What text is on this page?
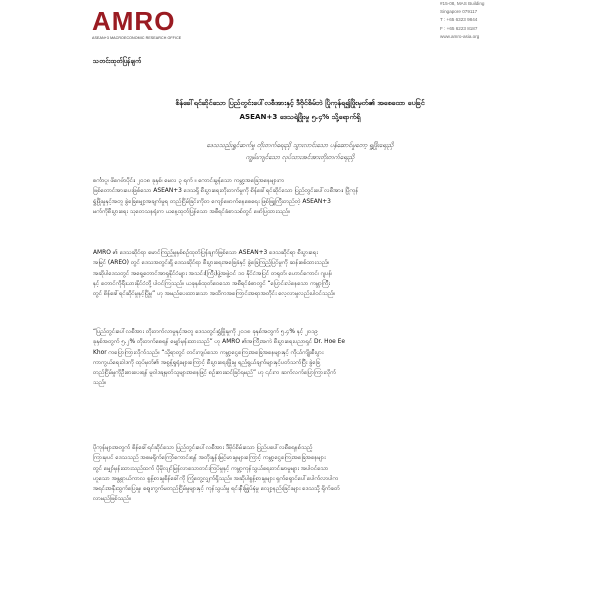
AMRO
ASEAN+3 MACROECONOMIC RESEARCH OFFICE
#15-08, MAS Building
Singapore 079117
T : +65 6323 9844
F : +65 6223 8187
www.amro-asia.org
သတင်းထုတ်ပြန်ချက်
စိန်ခေါ်ရင်ဆိုင်သော ပြည်တွင်းပေါ်လစီအားနှင့် ဒီဗိုင်စိမ်ဘဲ ပြိုကုန်ရ၍ဖြိုးမှတ်၏ အစေထော ပေခြင်
ASEAN+3 ဒေသရဲ့ဖြိုးမှု ၅.၄% သို့ရောက်ရှိ
ဒေသသည်းရွှင်ဆက်မှု တိုးတက်ရေးညှိ သွားလာင်းသော ပန်ဆောင်မှုတော့ ရှု့ဖြိုးရေးညှိ
ကျွမ်းကျင်သော လုပ်သားအင်အားတိုးတက်ရေးညှိ
စင်္ကာပူ၊ ဖိဂေဗ်ာပိုင်း၊ ၂၀၁၈ ခုနှစ်၊ မေလ ၃ ရက် ။ ကောင်းမွန်သော ကမ္ဘာ့အခြေအနေများက
ဖြစ်တောင်အားပေးဖြစ်သော ASEAN+3 ဒေသရှိ စီးပွားရေးတိုးတက်မှုကို စိန်ခေါ်ရင်ဆိုင်သော ပြည်တွင်းပေါ်လစီအား၊ ပြိုကုန်
ရွှံဖြိုးမှုနှင့်အတူ ခွဲခြေမျှော့အချက်မှုရ တည်ငြိမ်ခြင်းကိုတ ကျော်ဖောက်နေစေရေး ဖြစ်ဖြူကြီးတည်တဲ့ ASEAN+3
မက်ကိုစီးပွားရေး သုတေသနရုံးက ယနေ့ထုတ်ပြန်သော အစီရင်ခံစာသစ်တွင် ဖော်ပြထားသည်။
AMRO ၏ ဒေသဆိုင်ရာ မောင်ကြည့်မှုနှစ်စဉ်ထုတ်ပြန်ချက်ဖြစ်သော ASEAN+3 ဒေသဆိုင်ရာ စီးပွားရေး
အမြင် (AREO) တွင် ဒေသအတွင်းရှိ ဒေသဆိုင်ရာ စီးပွားရေးအခြေခံနှင့် ခွဲခြေကြည့်ပြင်မှုကို ဆန်းစစ်ထားသည်။
အဆိုပါဒေသတွင် အရှေ့တောင်အာရှနိုင်ငံများ အသင်း(ကြီး)ဖွဲ့အဖွဲ့ဝင် ၁၀ နိုင်ငံအပြင် တရုတ်၊ ဟောင်ကောင်၊ ဂျပန်၊
နှင့် တောင်ကိုရီးယားနိုင်ငံတို့ ပါဝင်ကြသည်။ ယခုနှစ်ထုတ်ဝေသော အစီရင်ခံစာတွင် “ပြောင်းလဲနေသော ကမ္ဘာကြီး
တွင် စိန်ခေါ်ရင်ဆိုင်မှုနှင့်ပြိုမှု” ဟု အမည်ပေးထားသော အထိကအကြောင်းအရာအတိုင်း လေ့လာမှုလည်းပါဝင်သည်။
“ပြည်တွင်းပေါ်လစီအား တိုးတက်လာမှုနှင့်အတူ ဒေသတွင်းရွှံဖြိုးမှုကို ၂၀၁၈ ခုနှစ်အတွက် ၅.၄% နှင့် ၂၀၁၉
ခုနှစ်အတွက် ၅.၂% တိုးတက်စေရန် မျှော်မှန်းထားသည်” ဟု AMRO ၏အကြီးအကဲ စီးပွားရေးပညာရှင် Dr. Hoe Ee
Khor ကပြောကြားလိုက်သည်။ “သို့ရာတွင် တင်းကျပ်သော ကမ္ဘာ့ငွေကြေးအခြေအနေများနှင့် ကိုယ်ကျိုးစီးပွား
ကာကွယ်ရေးဝါဒကို ထုပ်မှတ်၏ အစွန့်ရှုရုံးများကြောင့် စီးပွားရေးဖြိုးမှု ရည်ရွယ်ချက်များနှင့်ပတ်သက်ပြီး ခွဲခြေ
တည်ငြိမ်မှုကိုဦးစားပေးရန် မူဝါဒချမှတ်သူများအနေဖြင့် စဉ်းစားဆင်ခြင်ရမည်” ဟု ၎င်းက ဆက်လက်ပြောကြားလိုက်
သည်။
ပိုကုန်များအတွက် စိန်ခေါ်ရင်ဆိုင်သော ပြည်တွင်းပေါ်လစီအား ဒီဗိုင်စိမ်းသော ပြည်ပပေါ်လစီရေနစ်သည့်
ကြားမှပင် ဒေသသည် အစမရိုက်ကြော်ကောင်းရန် အတိုးနှုန်းမြင့်မားမှုများကြောင့် ကမ္ဘာ့ငွေကြေးအခြေအနေများ
တွင် မျှော်မှန်းထားသည်ထက် ပိုမိုလျင်မြန်လာသောတင်းကြပ်မှုနှင့် ကမ္ဘာ့ကုန်သွယ်ရေးတင်းမာမှုများ အပါဝင်သော
ဟူသော အန္တရာယ်ကာလ စွန့်စားမှုစိန်ခေါ်ကို ကြုံတွေ့လျှက်ရှိသည်။ အဆိုပါစွန့်စားမှုများ ရှက်ရှောင်ပေါ်ပေါက်လာပါက
အရင်းအနှီးထွက်ပြေးမှု၊ ဈေးကွက်မတည်ငြိမ်မှုများနှင့် ကုန်သွယ်မှု ရင်းနီးမြှုပ်နှံမှု လျော့နည်းခြင်းများ ဒေသသို့ ရိုက်ခတ်
လာမည်ဖြစ်သည်။
